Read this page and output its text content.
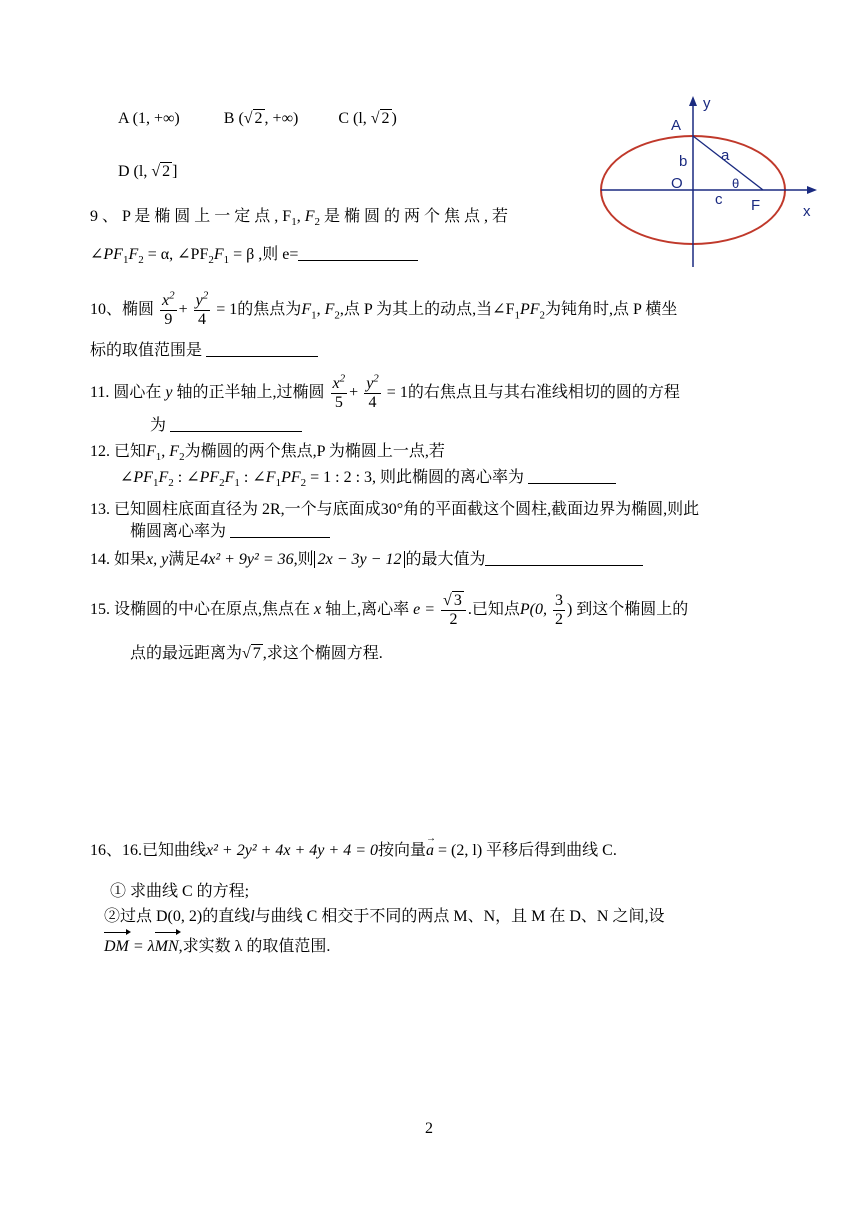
A (1, +∞)	B (√ 2 , +∞)	C (l, √ 2 )
D (l, √ 2 ]
A
y
a
b
O	θ
c F	x
9 、 P 是 椭 圆 上 一 定 点 , $F_1$, $F_2$ 是 椭 圆 的 两 个 焦 点 , 若
$\angle PF_1F_2 = \alpha$, $\angle PF_2F_1 = \beta$ ,则 e=
10、椭圆 $\frac{x^2}{9} + \frac{y^2}{4} = 1$的焦点为$F_1$, $F_2$,点 P 为其上的动点,当$\angle F_1PF_2$为钝角时,点 P 横坐
标的取值范围是
11. 圆心在 y 轴的正半轴上,过椭圆 $\frac{x^2}{5} + \frac{y^2}{4} = 1$的右焦点且与其右准线相切的圆的方程
为
12. 已知$F_1$, $F_2$为椭圆的两个焦点,P 为椭圆上一点,若
$\angle PF_1F_2$ : $\angle PF_2F_1$ : $\angle F_1PF_2 = 1$ : 2 : 3, 则此椭圆的离心率为
13. 已知圆柱底面直径为 2R,一个与底面成30°角的平面截这个圆柱,截面边界为椭圆,则此
椭圆离心率为
14. 如果x, y满足4x² + 9y² = 36,则 2x − 3y − 12 的最大值为
15. 设椭圆的中心在原点,焦点在 x 轴上,离心率 $e = \frac{√ 3}{2}$ .已知点P(0, $\frac{3}{2}$ ) 到这个椭圆上的
点的最远距离为√ 7 ,求这个椭圆方程.
16、16.已知曲线x² + 2y² + 4x + 4y + 4 = 0按向量→ a = (2, l) 平移后得到曲线 C.
① 求曲线 C 的方程;
②过点 D(0, 2)的直线l与曲线 C 相交于不同的两点 M、N，且 M 在 D、N 之间,设
DM = λMN,求实数 λ 的取值范围.
2
